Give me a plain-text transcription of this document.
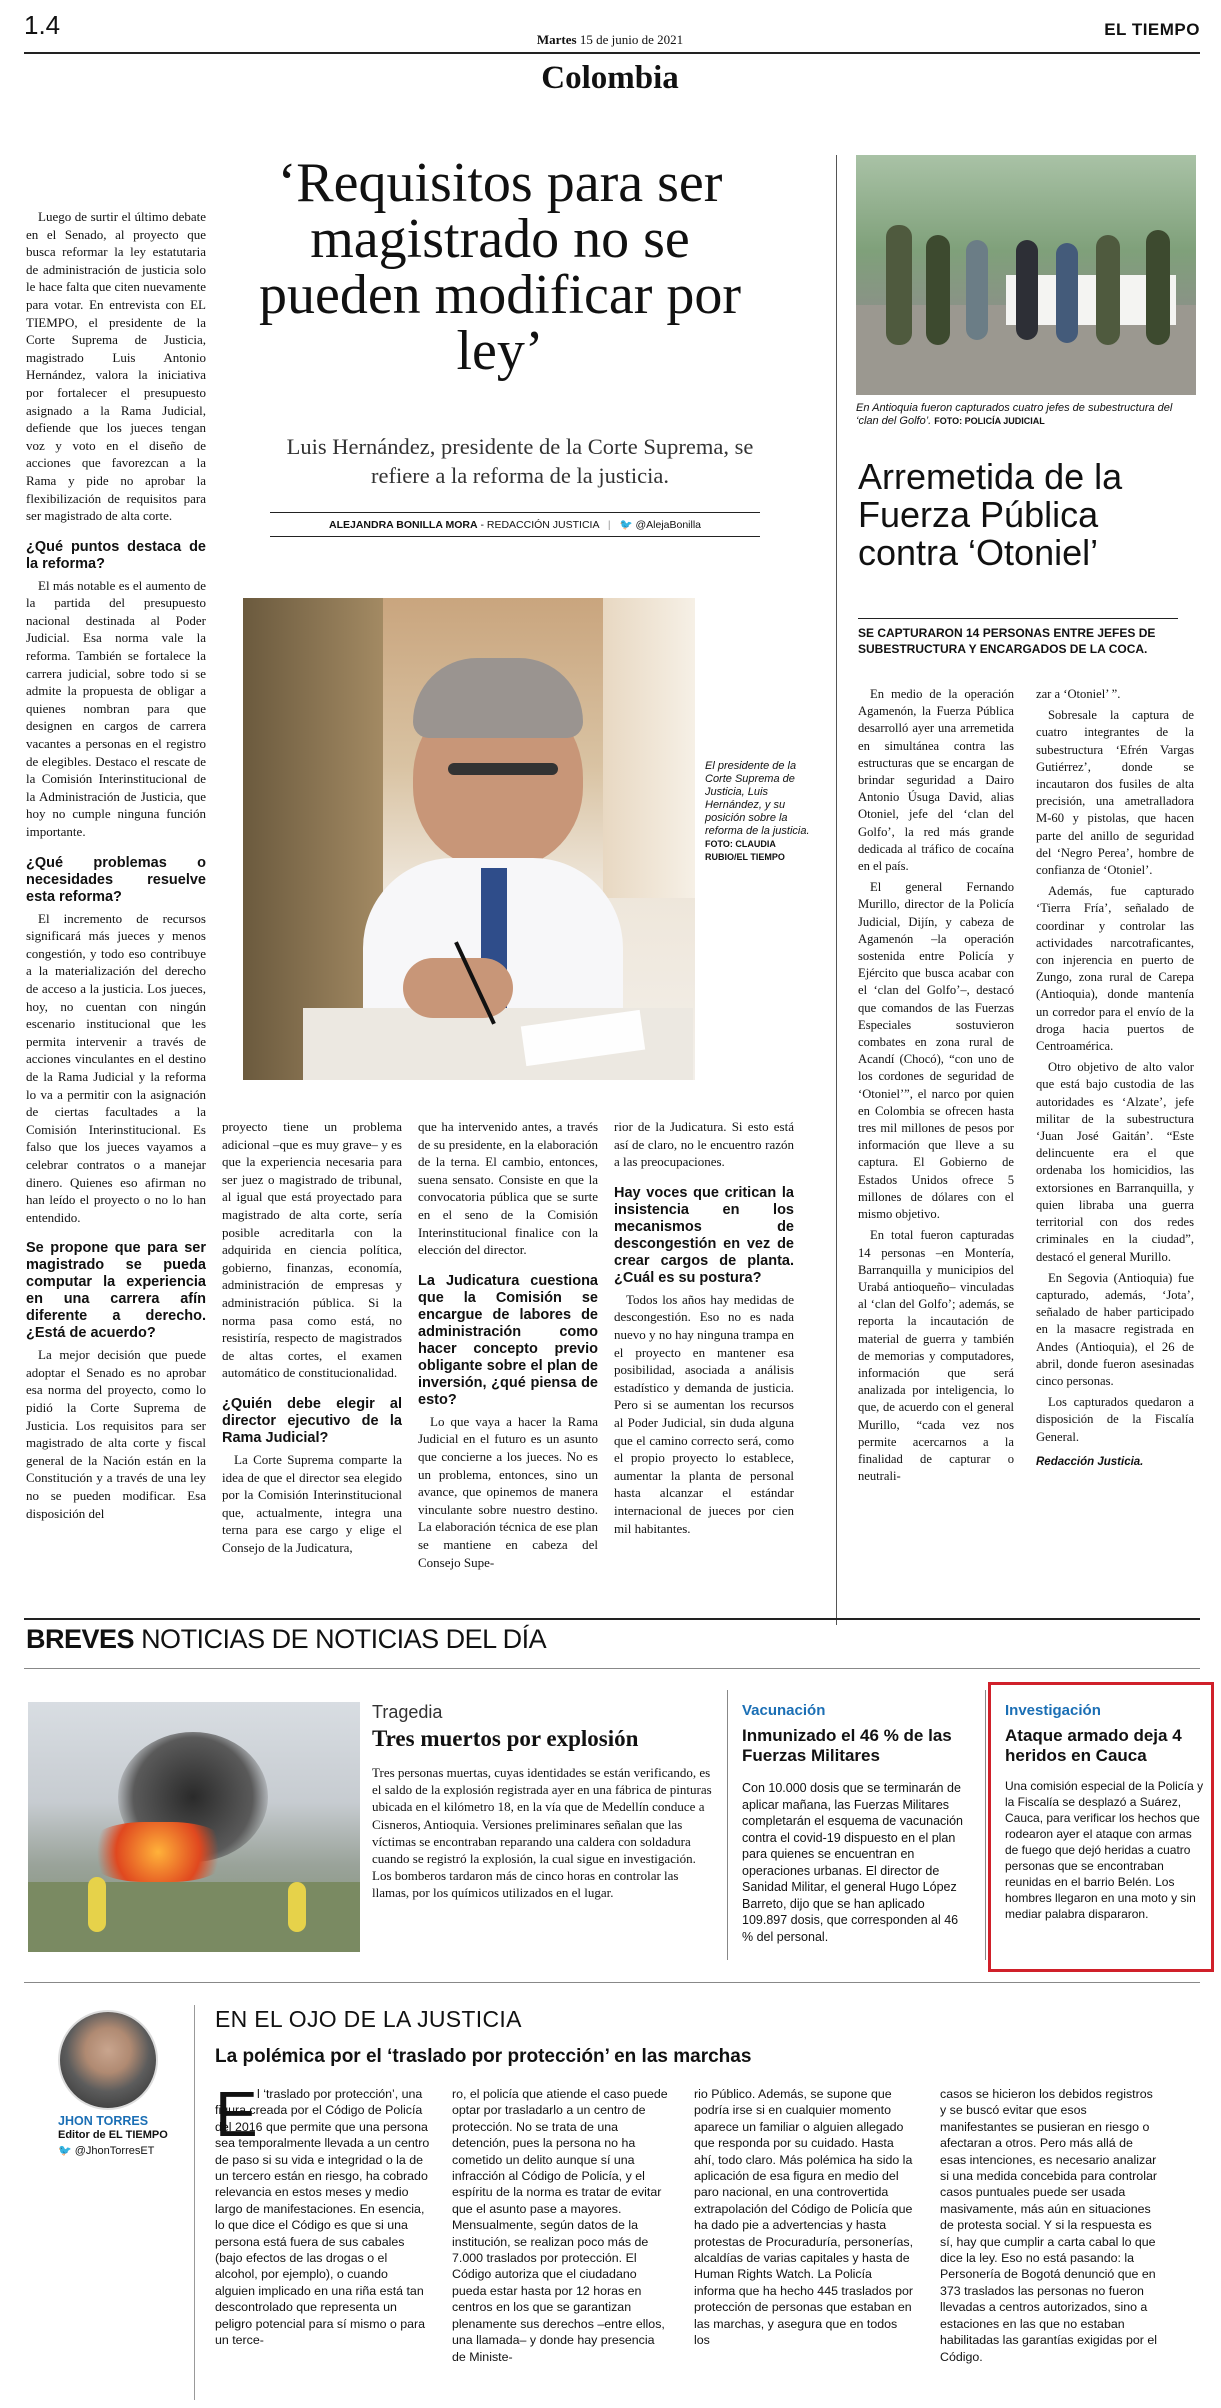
1.4	Martes 15 de junio de 2021
Colombia
EL TIEMPO
‘Requisitos para ser magistrado no se pueden modificar por ley’
Luis Hernández, presidente de la Corte Suprema, se refiere a la reforma de la justicia.
ALEJANDRA BONILLA MORA - REDACCIÓN JUSTICIA | 🐦 @AlejaBonilla
El presidente de la Corte Suprema de Justicia, Luis Hernández, y su posición sobre la reforma de la justicia. FOTO: CLAUDIA RUBIO/EL TIEMPO

Luego de surtir el último debate en el Senado, al proyecto que busca reformar la ley estatutaria de administración de justicia solo le hace falta que citen nuevamente para votar. En entrevista con EL TIEMPO, el presidente de la Corte Suprema de Justicia, magistrado Luis Antonio Hernández, valora la iniciativa por fortalecer el presupuesto asignado a la Rama Judicial, defiende que los jueces tengan voz y voto en el diseño de acciones que favorezcan a la Rama y pide no aprobar la flexibilización de requisitos para ser magistrado de alta corte.

¿Qué puntos destaca de la reforma?

El más notable es el aumento de la partida del presupuesto nacional destinada al Poder Judicial. Esa norma vale la reforma. También se fortalece la carrera judicial, sobre todo si se admite la propuesta de obligar a quienes nombran para que designen en cargos de carrera vacantes a personas en el registro de elegibles. Destaco el rescate de la Comisión Interinstitucional de la Administración de Justicia, que hoy no cumple ninguna función importante.

¿Qué problemas o necesidades resuelve esta reforma?

El incremento de recursos significará más jueces y menos congestión, y todo eso contribuye a la materialización del derecho de acceso a la justicia. Los jueces, hoy, no cuentan con ningún escenario institucional que les permita intervenir a través de acciones vinculantes en el destino de la Rama Judicial y la reforma lo va a permitir con la asignación de ciertas facultades a la Comisión Interinstitucional. Es falso que los jueces vayamos a celebrar contratos o a manejar dinero. Quienes eso afirman no han leído el proyecto o no lo han entendido.

Se propone que para ser magistrado se pueda computar la experiencia en una carrera afín diferente a derecho. ¿Está de acuerdo?

La mejor decisión que puede adoptar el Senado es no aprobar esa norma del proyecto, como lo pidió la Corte Suprema de Justicia. Los requisitos para ser magistrado de alta corte y fiscal general de la Nación están en la Constitución y a través de una ley no se pueden modificar. Esa disposición del

proyecto tiene un problema adicional –que es muy grave– y es que la experiencia necesaria para ser juez o magistrado de tribunal, al igual que está proyectado para magistrado de alta corte, sería posible acreditarla con la adquirida en ciencia política, gobierno, finanzas, economía, administración de empresas y administración pública. Si la norma pasa como está, no resistiría, respecto de magistrados de altas cortes, el examen automático de constitucionalidad.

¿Quién debe elegir al director ejecutivo de la Rama Judicial?

La Corte Suprema comparte la idea de que el director sea elegido por la Comisión Interinstitucional que, actualmente, integra una terna para ese cargo y elige el Consejo de la Judicatura,

que ha intervenido antes, a través de su presidente, en la elaboración de la terna. El cambio, entonces, suena sensato. Consiste en que la convocatoria pública que se surte en el seno de la Comisión Interinstitucional finalice con la elección del director.

La Judicatura cuestiona que la Comisión se encargue de labores de administración como hacer concepto previo obligante sobre el plan de inversión, ¿qué piensa de esto?

Lo que vaya a hacer la Rama Judicial en el futuro es un asunto que concierne a los jueces. No es un problema, entonces, sino un avance, que opinemos de manera vinculante sobre nuestro destino. La elaboración técnica de ese plan se mantiene en cabeza del Consejo Supe-

rior de la Judicatura. Si esto está así de claro, no le encuentro razón a las preocupaciones.

Hay voces que critican la insistencia en los mecanismos de descongestión en vez de crear cargos de planta. ¿Cuál es su postura?

Todos los años hay medidas de descongestión. Eso no es nada nuevo y no hay ninguna trampa en el proyecto en mantener esa posibilidad, asociada a análisis estadístico y demanda de justicia. Pero si se aumentan los recursos al Poder Judicial, sin duda alguna que el camino correcto será, como el propio proyecto lo establece, aumentar la planta de personal hasta alcanzar el estándar internacional de jueces por cien mil habitantes.

En Antioquia fueron capturados cuatro jefes de subestructura del ‘clan del Golfo’. FOTO: POLICÍA JUDICIAL
Arremetida de la Fuerza Pública contra ‘Otoniel’
SE CAPTURARON 14 PERSONAS ENTRE JEFES DE SUBESTRUCTURA Y ENCARGADOS DE LA COCA.

En medio de la operación Agamenón, la Fuerza Pública desarrolló ayer una arremetida en simultánea contra las estructuras que se encargan de brindar seguridad a Dairo Antonio Úsuga David, alias Otoniel, jefe del ‘clan del Golfo’, la red más grande dedicada al tráfico de cocaína en el país.

El general Fernando Murillo, director de la Policía Judicial, Dijín, y cabeza de Agamenón –la operación sostenida entre Policía y Ejército que busca acabar con el ‘clan del Golfo’–, destacó que comandos de las Fuerzas Especiales sostuvieron combates en zona rural de Acandí (Chocó), “con uno de los cordones de seguridad de ‘Otoniel’”, el narco por quien en Colombia se ofrecen hasta tres mil millones de pesos por información que lleve a su captura. El Gobierno de Estados Unidos ofrece 5 millones de dólares con el mismo objetivo.

En total fueron capturadas 14 personas –en Montería, Barranquilla y municipios del Urabá antioqueño– vinculadas al ‘clan del Golfo’; además, se reporta la incautación de material de guerra y también de memorias y computadores, información que será analizada por inteligencia, lo que, de acuerdo con el general Murillo, “cada vez nos permite acercarnos a la finalidad de capturar o neutrali-

zar a ‘Otoniel’ ”.

Sobresale la captura de cuatro integrantes de la subestructura ‘Efrén Vargas Gutiérrez’, donde se incautaron dos fusiles de alta precisión, una ametralladora M-60 y pistolas, que hacen parte del anillo de seguridad del ‘Negro Perea’, hombre de confianza de ‘Otoniel’.

Además, fue capturado ‘Tierra Fría’, señalado de coordinar y controlar las actividades narcotraficantes, con injerencia en puerto de Zungo, zona rural de Carepa (Antioquia), donde mantenía un corredor para el envío de la droga hacia puertos de Centroamérica.

Otro objetivo de alto valor que está bajo custodia de las autoridades es ‘Alzate’, jefe militar de la subestructura ‘Juan José Gaitán’. “Este delincuente era el que ordenaba los homicidios, las extorsiones en Barranquilla, y quien libraba una guerra territorial con dos redes criminales en la ciudad”, destacó el general Murillo.

En Segovia (Antioquia) fue capturado, además, ‘Jota’, señalado de haber participado en la masacre registrada en Andes (Antioquia), el 26 de abril, donde fueron asesinadas cinco personas.

Los capturados quedaron a disposición de la Fiscalía General.

Redacción Justicia.
BREVES NOTICIAS DE NOTICIAS DEL DÍA
Tragedia
Tres muertos por explosión
Tres personas muertas, cuyas identidades se están verificando, es el saldo de la explosión registrada ayer en una fábrica de pinturas ubicada en el kilómetro 18, en la vía que de Medellín conduce a Cisneros, Antioquia. Versiones preliminares señalan que las víctimas se encontraban reparando una caldera con soldadura cuando se registró la explosión, la cual sigue en investigación. Los bomberos tardaron más de cinco horas en controlar las llamas, por los químicos utilizados en el lugar.
Vacunación
Inmunizado el 46 % de las Fuerzas Militares
Con 10.000 dosis que se terminarán de aplicar mañana, las Fuerzas Militares completarán el esquema de vacunación contra el covid-19 dispuesto en el plan para quienes se encuentran en operaciones urbanas. El director de Sanidad Militar, el general Hugo López Barreto, dijo que se han aplicado 109.897 dosis, que corresponden al 46 % del personal.
Investigación
Ataque armado deja 4 heridos en Cauca
Una comisión especial de la Policía y la Fiscalía se desplazó a Suárez, Cauca, para verificar los hechos que rodearon ayer el ataque con armas de fuego que dejó heridas a cuatro personas que se encontraban reunidas en el barrio Belén. Los hombres llegaron en una moto y sin mediar palabra dispararon.
JHON TORRES
Editor de EL TIEMPO
🐦 @JhonTorresET
EN EL OJO DE LA JUSTICIA
La polémica por el ‘traslado por protección’ en las marchas
E l ‘traslado por protección’, una figura creada por el Código de Policía del 2016 que permite que una persona sea temporalmente llevada a un centro de paso si su vida e integridad o la de un tercero están en riesgo, ha cobrado relevancia en estos meses y medio largo de manifestaciones. En esencia, lo que dice el Código es que si una persona está fuera de sus cabales (bajo efectos de las drogas o el alcohol, por ejemplo), o cuando alguien implicado en una riña está tan descontrolado que representa un peligro potencial para sí mismo o para un terce-
ro, el policía que atiende el caso puede optar por trasladarlo a un centro de protección. No se trata de una detención, pues la persona no ha cometido un delito aunque sí una infracción al Código de Policía, y el espíritu de la norma es tratar de evitar que el asunto pase a mayores. Mensualmente, según datos de la institución, se realizan poco más de 7.000 traslados por protección. El Código autoriza que el ciudadano pueda estar hasta por 12 horas en centros en los que se garantizan plenamente sus derechos –entre ellos, una llamada– y donde hay presencia de Ministe-
rio Público. Además, se supone que podría irse si en cualquier momento aparece un familiar o alguien allegado que responda por su cuidado. Hasta ahí, todo claro. Más polémica ha sido la aplicación de esa figura en medio del paro nacional, en una controvertida extrapolación del Código de Policía que ha dado pie a advertencias y hasta protestas de Procuraduría, personerías, alcaldías de varias capitales y hasta de Human Rights Watch. La Policía informa que ha hecho 445 traslados por protección de personas que estaban en las marchas, y asegura que en todos los
casos se hicieron los debidos registros y se buscó evitar que esos manifestantes se pusieran en riesgo o afectaran a otros. Pero más allá de esas intenciones, es necesario analizar si una medida concebida para controlar casos puntuales puede ser usada masivamente, más aún en situaciones de protesta social. Y si la respuesta es sí, hay que cumplir a carta cabal lo que dice la ley. Eso no está pasando: la Personería de Bogotá denunció que en 373 traslados las personas no fueron llevadas a centros autorizados, sino a estaciones en las que no estaban habilitadas las garantías exigidas por el Código.
